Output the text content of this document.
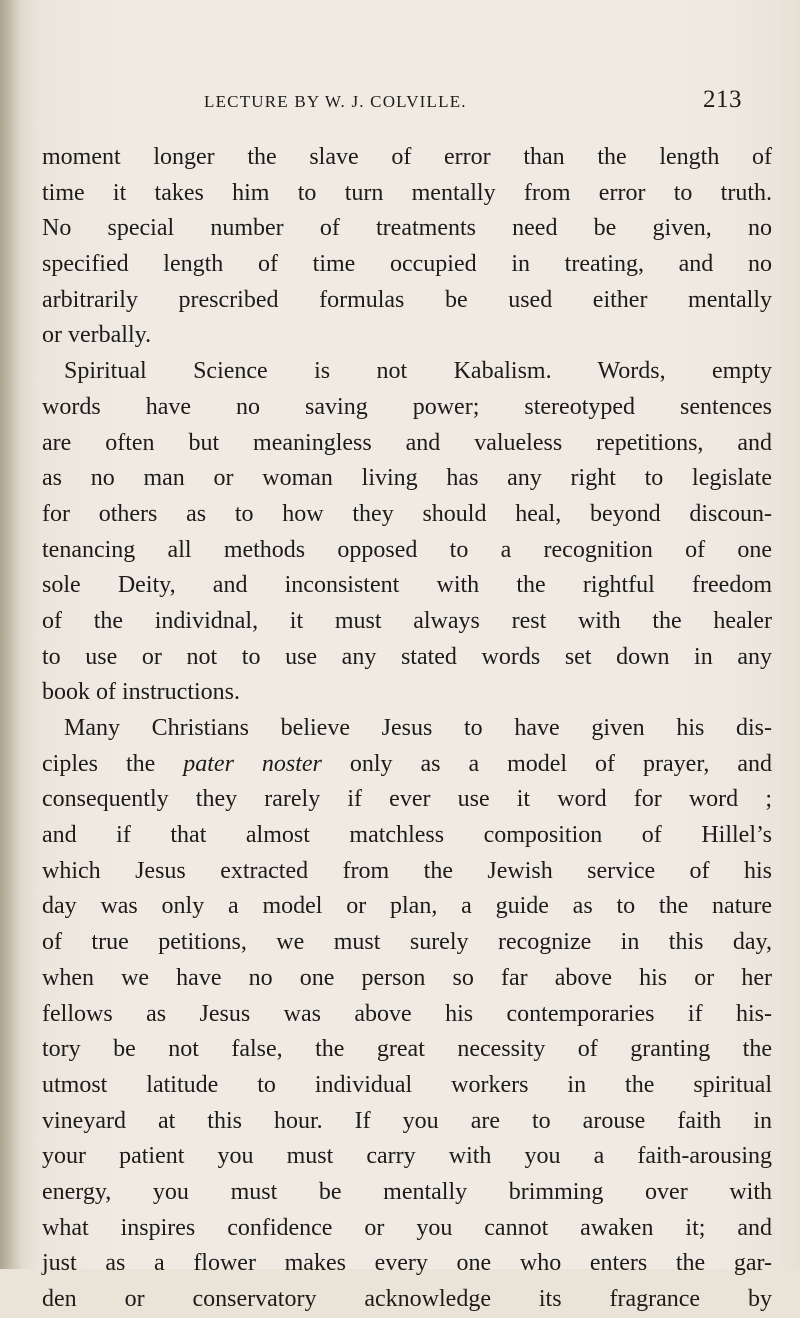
LECTURE BY W. J. COLVILLE.	213
moment longer the slave of error than the length of
time it takes him to turn mentally from error to truth.
No special number of treatments need be given, no
specified length of time occupied in treating, and no
arbitrarily prescribed formulas be used either mentally
or verbally.
Spiritual Science is not Kabalism. Words, empty
words have no saving power; stereotyped sentences
are often but meaningless and valueless repetitions, and
as no man or woman living has any right to legislate
for others as to how they should heal, beyond discoun-
tenancing all methods opposed to a recognition of one
sole Deity, and inconsistent with the rightful freedom
of the individnal, it must always rest with the healer
to use or not to use any stated words set down in any
book of instructions.
Many Christians believe Jesus to have given his dis-
ciples the pater noster only as a model of prayer, and
consequently they rarely if ever use it word for word ;
and if that almost matchless composition of Hillel’s
which Jesus extracted from the Jewish service of his
day was only a model or plan, a guide as to the nature
of true petitions, we must surely recognize in this day,
when we have no one person so far above his or her
fellows as Jesus was above his contemporaries if his-
tory be not false, the great necessity of granting the
utmost latitude to individual workers in the spiritual
vineyard at this hour. If you are to arouse faith in
your patient you must carry with you a faith-arousing
energy, you must be mentally brimming over with
what inspires confidence or you cannot awaken it; and
just as a flower makes every one who enters the gar-
den or conservatory acknowledge its fragrance by
